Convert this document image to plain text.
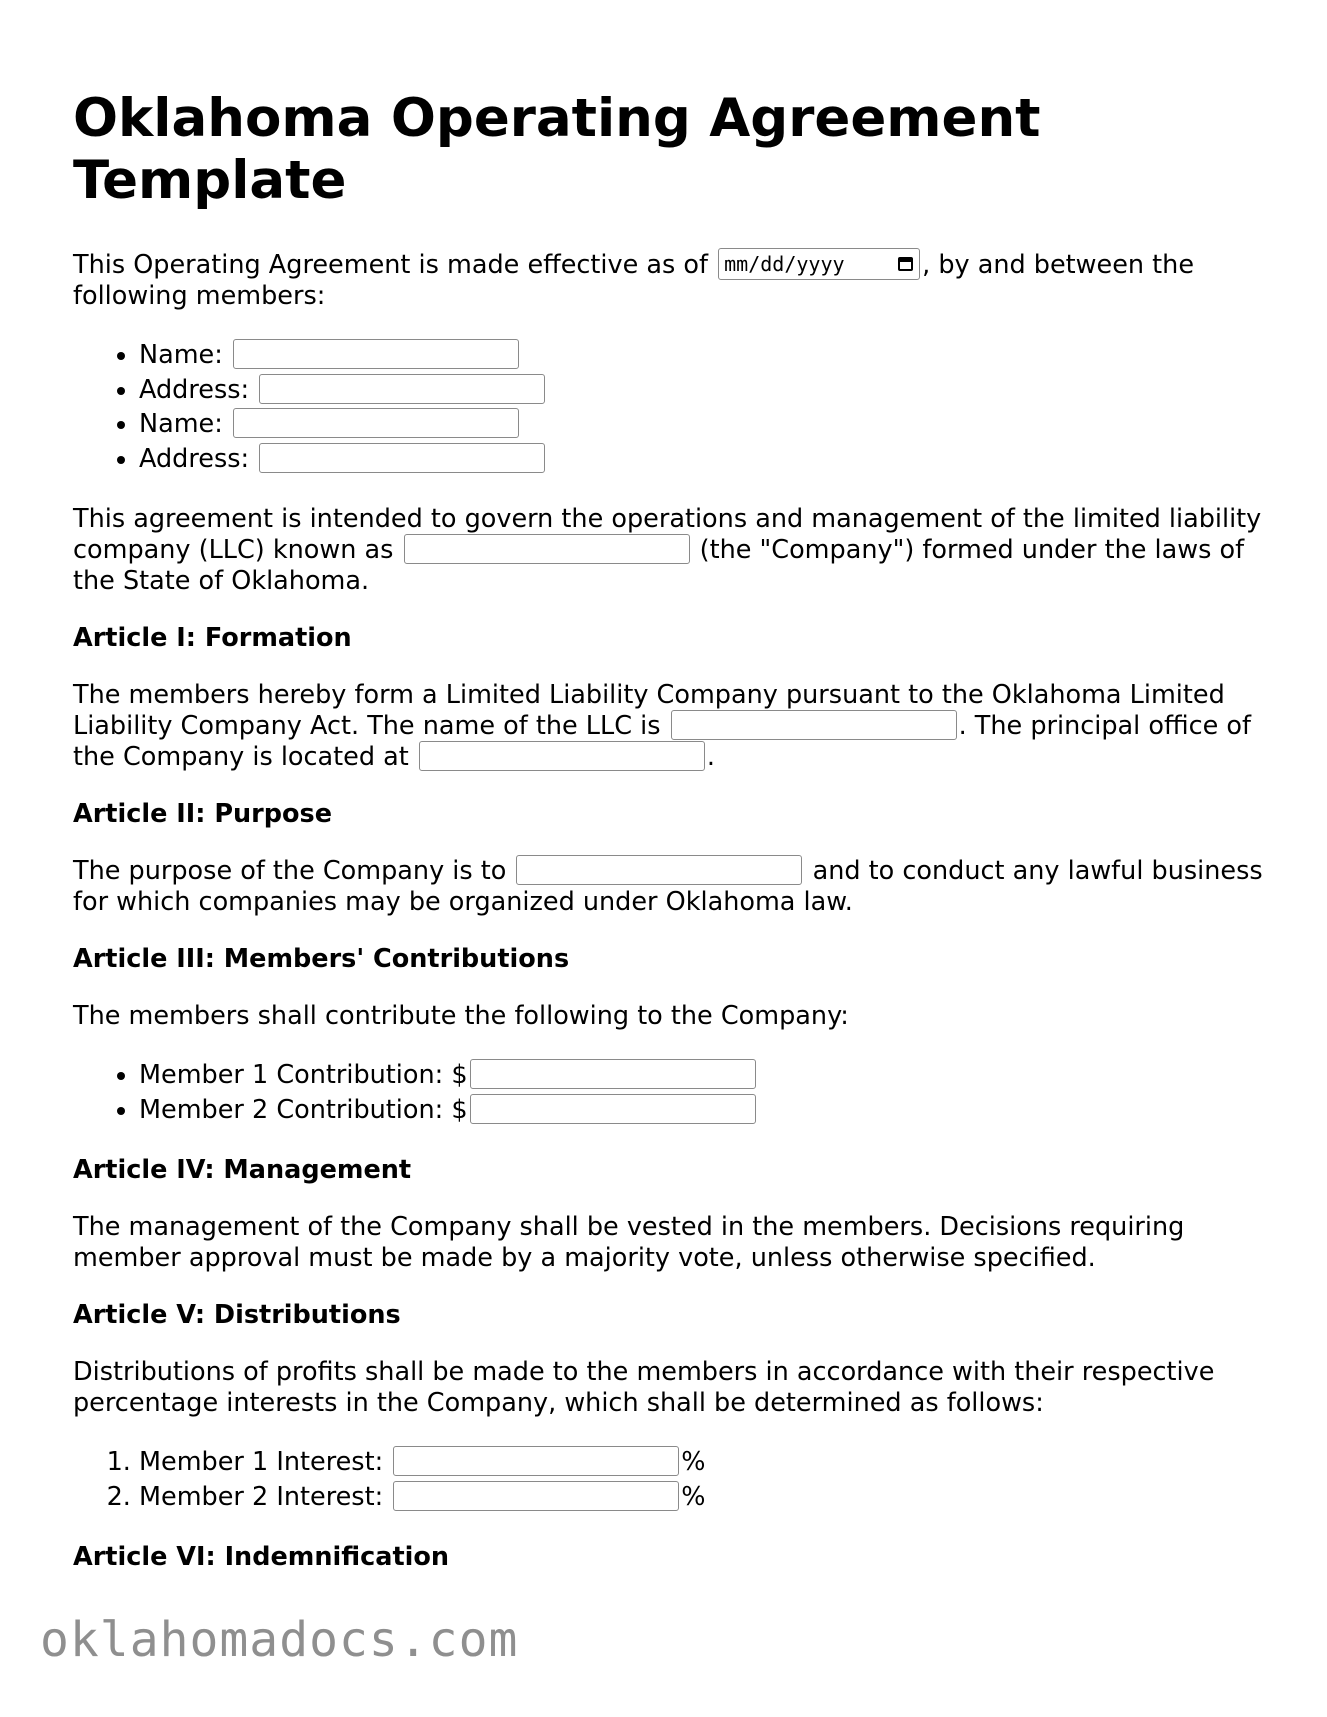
Oklahoma Operating Agreement Template

This Operating Agreement is made effective as of mm/dd/yyyy	, by and between the following members:

• Name:
• Address:
• Name:
• Address:

This agreement is intended to govern the operations and management of the limited liability company (LLC) known as	(the "Company") formed under the laws of the State of Oklahoma.

Article I: Formation

The members hereby form a Limited Liability Company pursuant to the Oklahoma Limited Liability Company Act. The name of the LLC is	. The principal office of the Company is located at	.

Article II: Purpose

The purpose of the Company is to	and to conduct any lawful business for which companies may be organized under Oklahoma law.

Article III: Members' Contributions

The members shall contribute the following to the Company:

• Member 1 Contribution: $
• Member 2 Contribution: $
Article IV: Management

The management of the Company shall be vested in the members. Decisions requiring member approval must be made by a majority vote, unless otherwise specified.

Article V: Distributions

Distributions of profits shall be made to the members in accordance with their respective percentage interests in the Company, which shall be determined as follows:

1. Member 1 Interest:	%
2. Member 2 Interest:	%
Article VI: Indemnification
oklahomadocs.com
